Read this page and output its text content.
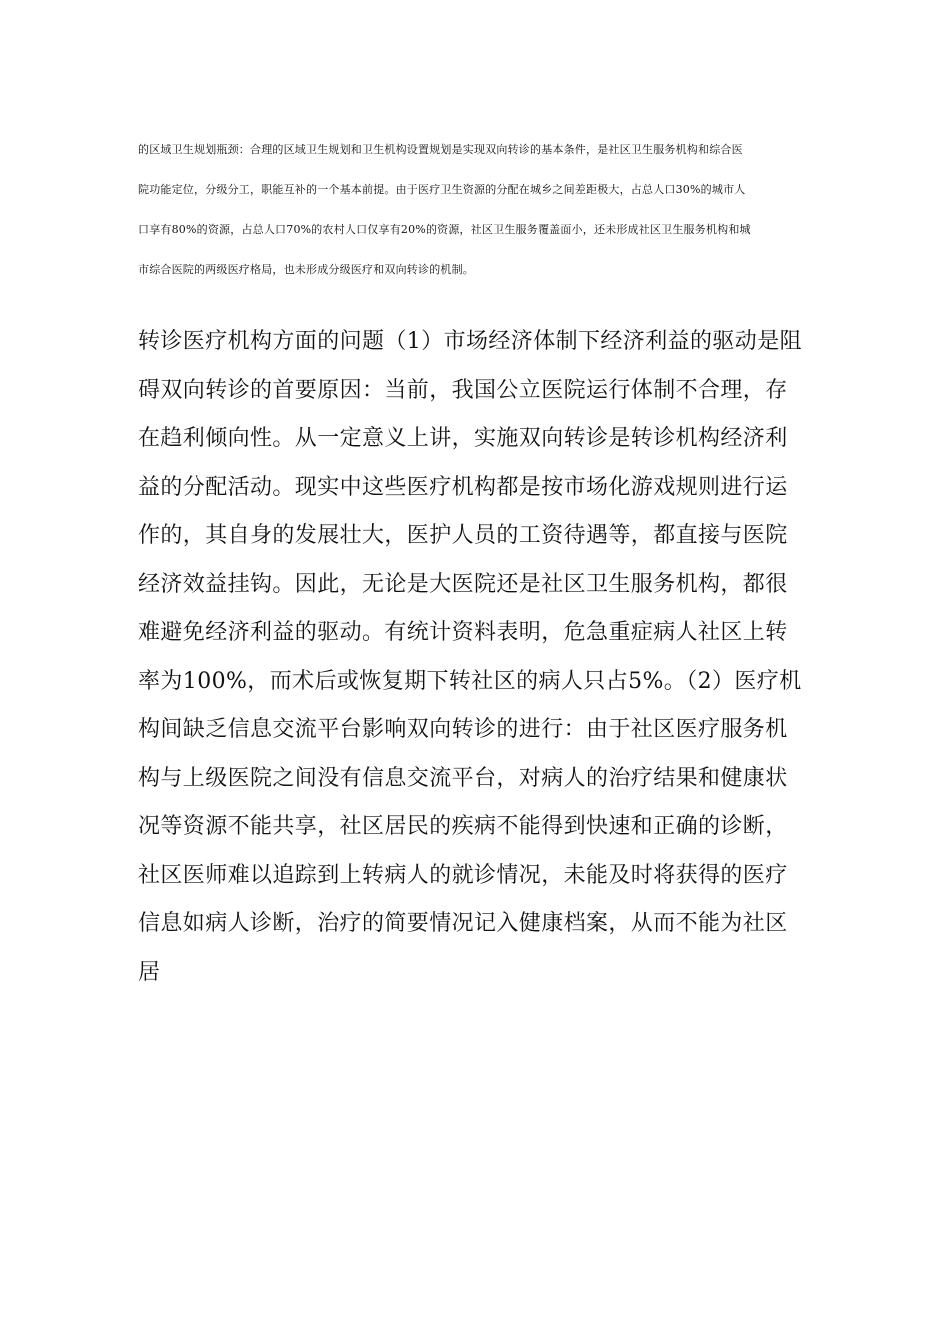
的区域卫生规划瓶颈：合理的区域卫生规划和卫生机构设置规划是实现双向转诊的基本条件，是社区卫生服务机构和综合医
院功能定位，分级分工，职能互补的一个基本前提。由于医疗卫生资源的分配在城乡之间差距极大，占总人口30%的城市人
口享有80%的资源，占总人口70%的农村人口仅享有20%的资源，社区卫生服务覆盖面小，还未形成社区卫生服务机构和城
市综合医院的两级医疗格局，也未形成分级医疗和双向转诊的机制。
转诊医疗机构方面的问题（1）市场经济体制下经济利益的驱动是阻
碍双向转诊的首要原因：当前，我国公立医院运行体制不合理，存
在趋利倾向性。从一定意义上讲，实施双向转诊是转诊机构经济利
益的分配活动。现实中这些医疗机构都是按市场化游戏规则进行运
作的，其自身的发展壮大，医护人员的工资待遇等，都直接与医院
经济效益挂钩。因此，无论是大医院还是社区卫生服务机构，都很
难避免经济利益的驱动。有统计资料表明，危急重症病人社区上转
率为100%，而术后或恢复期下转社区的病人只占5%。（2）医疗机
构间缺乏信息交流平台影响双向转诊的进行：由于社区医疗服务机
构与上级医院之间没有信息交流平台，对病人的治疗结果和健康状
况等资源不能共享，社区居民的疾病不能得到快速和正确的诊断，
社区医师难以追踪到上转病人的就诊情况，未能及时将获得的医疗
信息如病人诊断，治疗的简要情况记入健康档案，从而不能为社区
居
